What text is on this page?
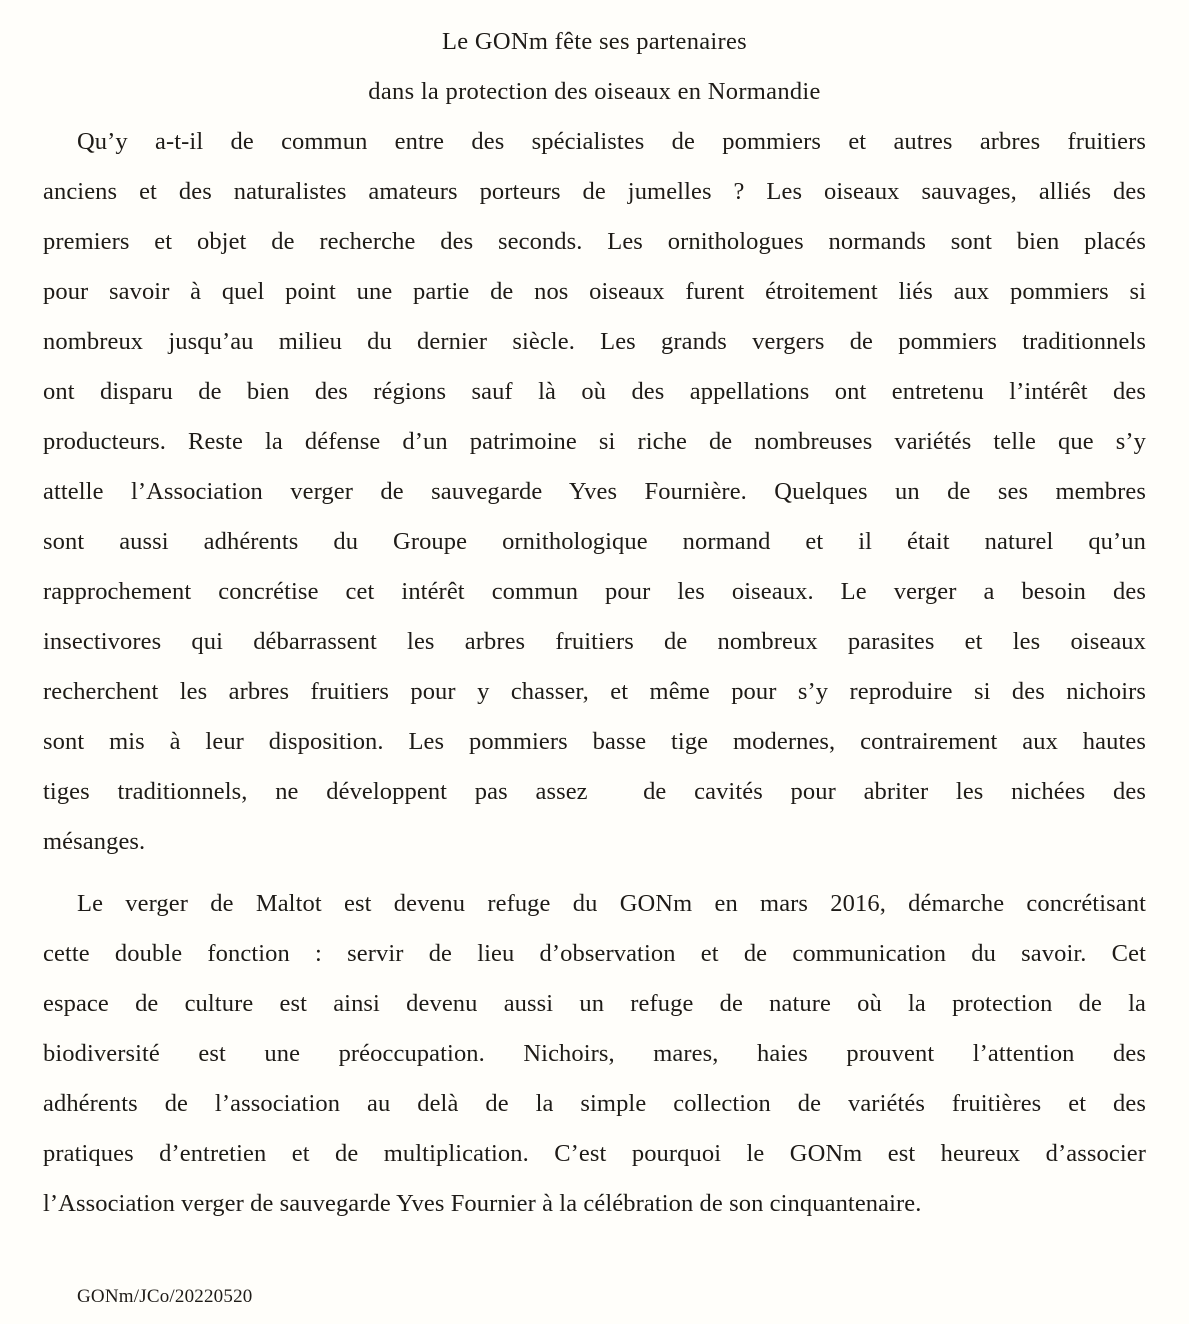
Le GONm fête ses partenaires
dans la protection des oiseaux en Normandie
Qu’y a-t-il de commun entre des spécialistes de pommiers et autres arbres fruitiers
anciens et des naturalistes amateurs porteurs de jumelles ? Les oiseaux sauvages, alliés des
premiers et objet de recherche des seconds. Les ornithologues normands sont bien placés
pour savoir à quel point une partie de nos oiseaux furent étroitement liés aux pommiers si
nombreux jusqu’au milieu du dernier siècle. Les grands vergers de pommiers traditionnels
ont disparu de bien des régions sauf là où des appellations ont entretenu l’intérêt des
producteurs. Reste la défense d’un patrimoine si riche de nombreuses variétés telle que s’y
attelle l’Association verger de sauvegarde Yves Fournière. Quelques un de ses membres
sont aussi adhérents du Groupe ornithologique normand et il était naturel qu’un
rapprochement concrétise cet intérêt commun pour les oiseaux. Le verger a besoin des
insectivores qui débarrassent les arbres fruitiers de nombreux parasites et les oiseaux
recherchent les arbres fruitiers pour y chasser, et même pour s’y reproduire si des nichoirs
sont mis à leur disposition. Les pommiers basse tige modernes, contrairement aux hautes
tiges traditionnels, ne développent pas assez  de cavités pour abriter les nichées des
mésanges.
Le verger de Maltot est devenu refuge du GONm en mars 2016, démarche concrétisant
cette double fonction : servir de lieu d’observation et de communication du savoir. Cet
espace de culture est ainsi devenu aussi un refuge de nature où la protection de la
biodiversité est une préoccupation. Nichoirs, mares, haies prouvent l’attention des
adhérents de l’association au delà de la simple collection de variétés fruitières et des
pratiques d’entretien et de multiplication. C’est pourquoi le GONm est heureux d’associer
l’Association verger de sauvegarde Yves Fournier à la célébration de son cinquantenaire.
GONm/JCo/20220520
